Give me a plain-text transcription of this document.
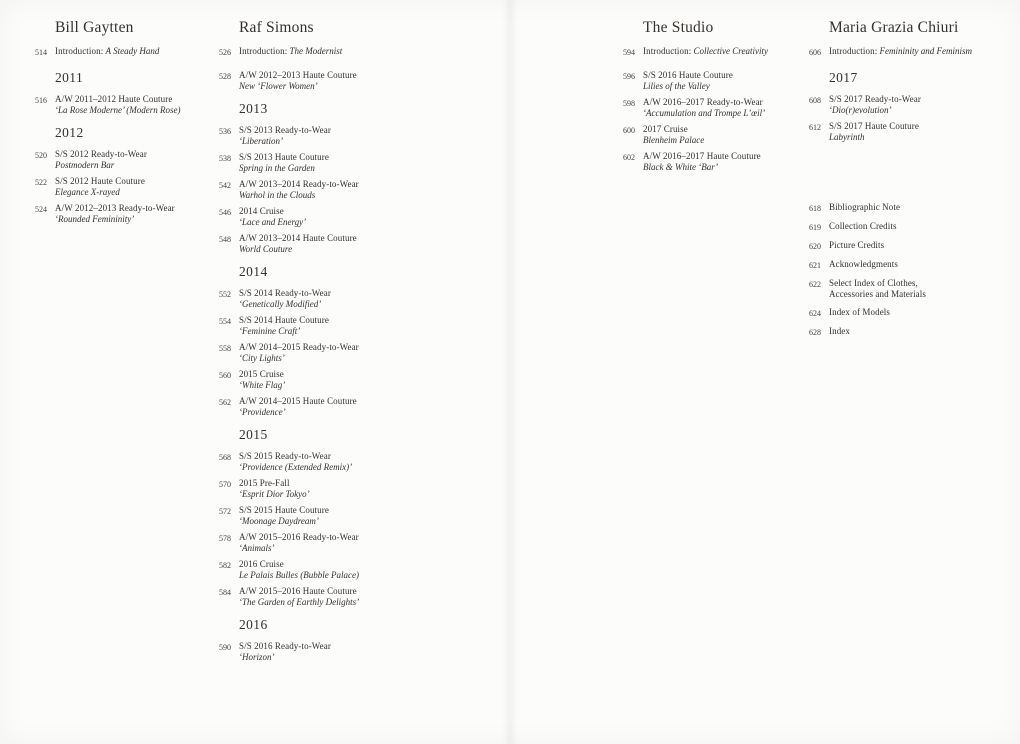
Bill Gaytten
514 Introduction: A Steady Hand
2011
516 A/W 2011–2012 Haute Couture
‘La Rose Moderne’ (Modern Rose)
2012
520 S/S 2012 Ready-to-Wear
Postmodern Bar
522 S/S 2012 Haute Couture
Elegance X-rayed
524 A/W 2012–2013 Ready-to-Wear
‘Rounded Femininity’
Raf Simons
526 Introduction: The Modernist
528 A/W 2012–2013 Haute Couture
New ‘Flower Women’
2013
536 S/S 2013 Ready-to-Wear
‘Liberation’
538 S/S 2013 Haute Couture
Spring in the Garden
542 A/W 2013–2014 Ready-to-Wear
Warhol in the Clouds
546 2014 Cruise
‘Lace and Energy’
548 A/W 2013–2014 Haute Couture
World Couture
2014
552 S/S 2014 Ready-to-Wear
‘Genetically Modified’
554 S/S 2014 Haute Couture
‘Feminine Craft’
558 A/W 2014–2015 Ready-to-Wear
‘City Lights’
560 2015 Cruise
‘White Flag’
562 A/W 2014–2015 Haute Couture
‘Providence’
2015
568 S/S 2015 Ready-to-Wear
‘Providence (Extended Remix)’
570 2015 Pre-Fall
‘Esprit Dior Tokyo’
572 S/S 2015 Haute Couture
‘Moonage Daydream’
578 A/W 2015–2016 Ready-to-Wear
‘Animals’
582 2016 Cruise
Le Palais Bulles (Bubble Palace)
584 A/W 2015–2016 Haute Couture
‘The Garden of Earthly Delights’
2016
590 S/S 2016 Ready-to-Wear
‘Horizon’
The Studio
594 Introduction: Collective Creativity
596 S/S 2016 Haute Couture
Lilies of the Valley
598 A/W 2016–2017 Ready-to-Wear
‘Accumulation and Trompe L’œil’
600 2017 Cruise
Blenheim Palace
602 A/W 2016–2017 Haute Couture
Black & White ‘Bar’
Maria Grazia Chiuri
606 Introduction: Femininity and Feminism
2017
608 S/S 2017 Ready-to-Wear
‘Dio(r)evolution’
612 S/S 2017 Haute Couture
Labyrinth
618 Bibliographic Note
619 Collection Credits
620 Picture Credits
621 Acknowledgments
622 Select Index of Clothes, Accessories and Materials
624 Index of Models
628 Index
